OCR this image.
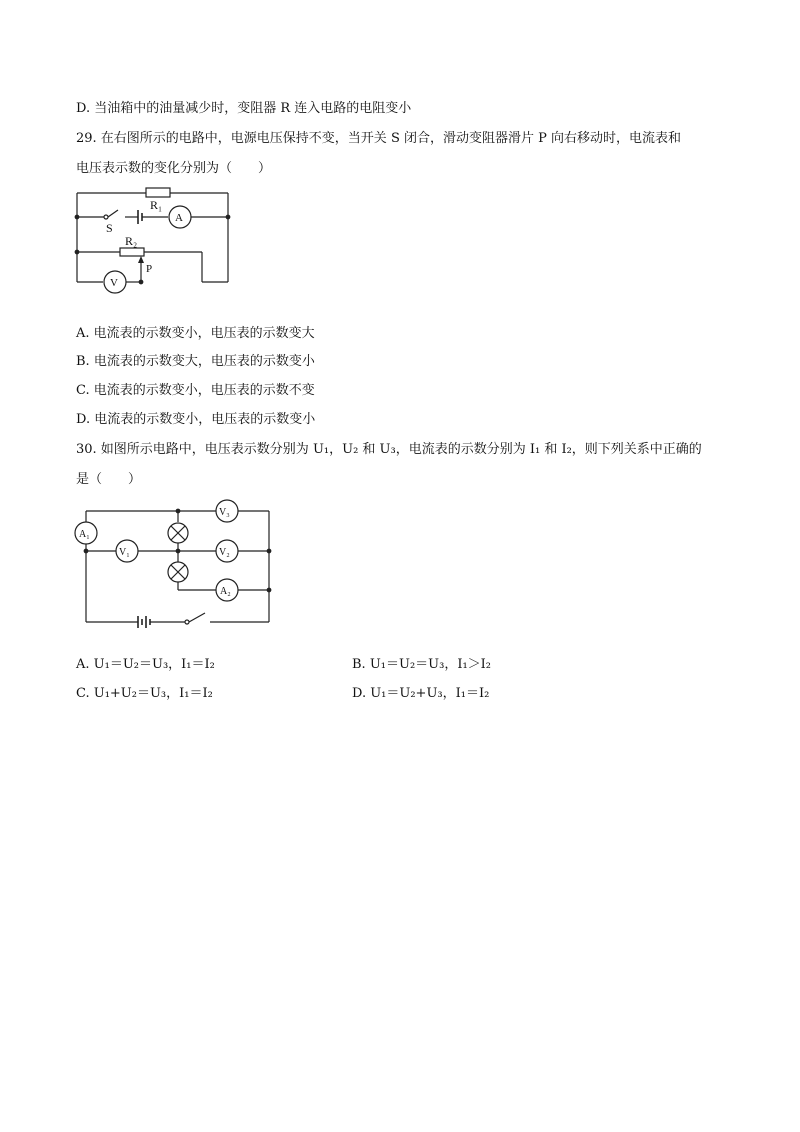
D. 当油箱中的油量减少时，变阻器 R 连入电路的电阻变小
29. 在右图所示的电路中，电源电压保持不变，当开关 S 闭合，滑动变阻器滑片 P 向右移动时，电流表和
电压表示数的变化分别为（　　）
R₁
A
S
R₂
P
V
A. 电流表的示数变小，电压表的示数变大
B. 电流表的示数变大，电压表的示数变小
C. 电流表的示数变小，电压表的示数不变
D. 电流表的示数变小，电压表的示数变小
30. 如图所示电路中，电压表示数分别为 U₁，U₂ 和 U₃，电流表的示数分别为 I₁ 和 I₂，则下列关系中正确的
是（　　）
A₁
V₃
V₁	V₂
A₂
A. U₁＝U₂＝U₃，I₁＝I₂	B. U₁＝U₂＝U₃，I₁＞I₂
C. U₁+U₂＝U₃，I₁＝I₂	D. U₁＝U₂+U₃，I₁＝I₂
